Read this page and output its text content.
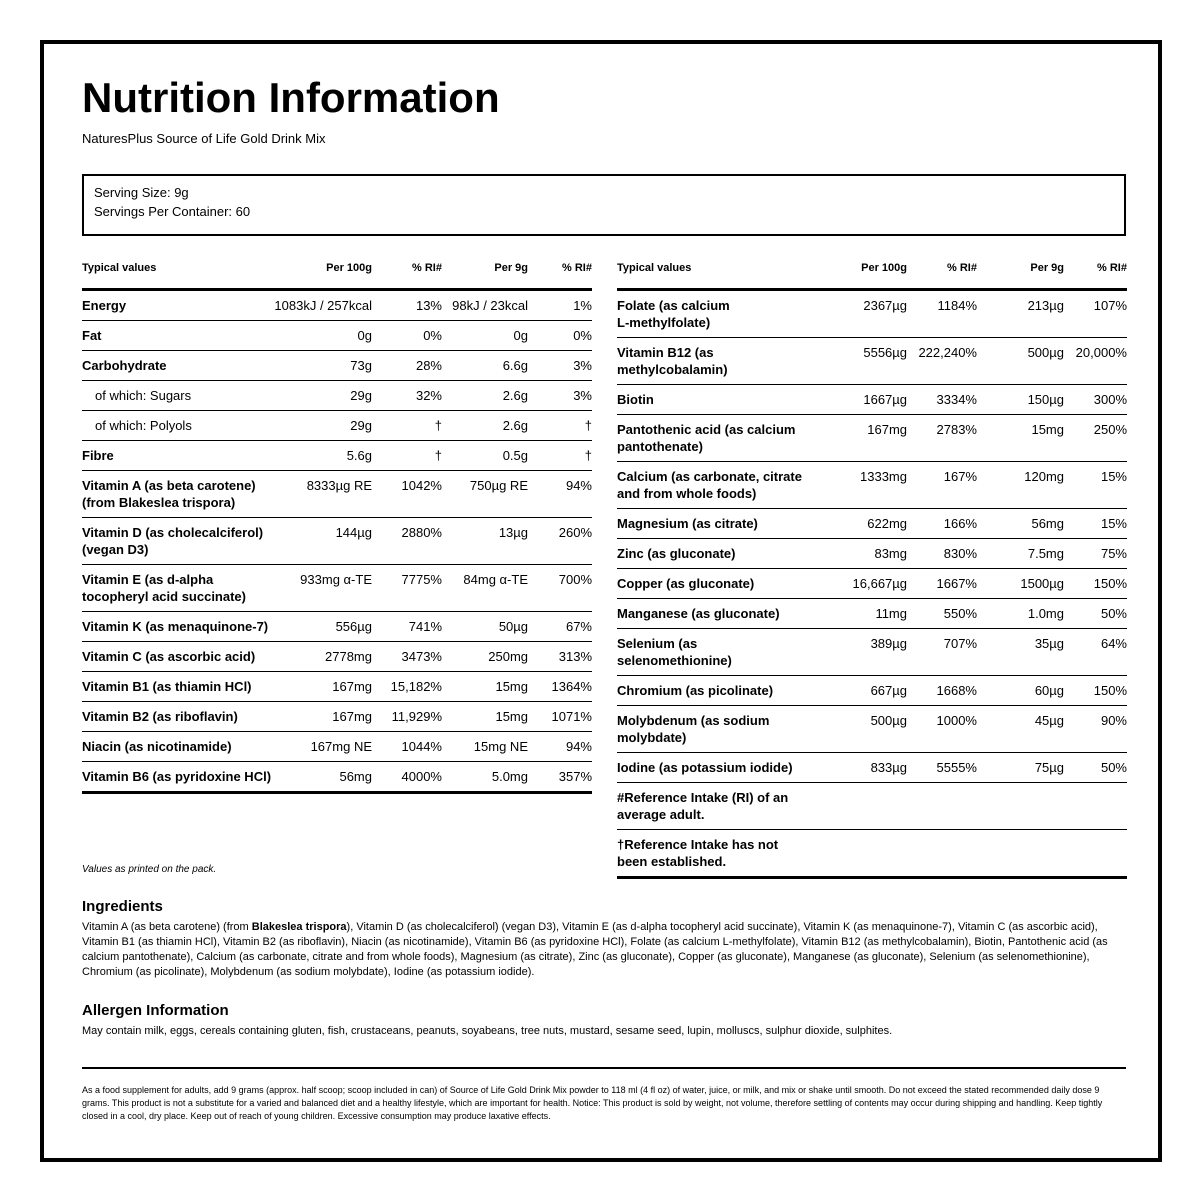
Nutrition Information
NaturesPlus Source of Life Gold Drink Mix
Serving Size: 9g
Servings Per Container: 60
Typical values	Per 100g	% RI#	Per 9g	% RI#
Energy	1083kJ / 257kcal	13%	98kJ / 23kcal	1%
Fat	0g	0%	0g	0%
Carbohydrate	73g	28%	6.6g	3%
of which: Sugars	29g	32%	2.6g	3%
of which: Polyols	29g	†	2.6g	†
Fibre	5.6g	†	0.5g	†

Vitamin A (as beta carotene)
(from Blakeslea trispora)	8333µg RE	1042%	750µg RE	94%

Vitamin D (as cholecalciferol)
(vegan D3)	144µg	2880%	13µg	260%

Vitamin E (as d-alpha
tocopheryl acid succinate)	933mg α-TE	7775%	84mg α-TE	700%
Vitamin K (as menaquinone-7)	556µg	741%	50µg	67%
Vitamin C (as ascorbic acid)	2778mg	3473%	250mg	313%
Vitamin B1 (as thiamin HCl)	167mg	15,182%	15mg	1364%
Vitamin B2 (as riboflavin)	167mg	11,929%	15mg	1071%
Niacin (as nicotinamide)	167mg NE	1044%	15mg NE	94%
Vitamin B6 (as pyridoxine HCl)	56mg	4000%	5.0mg	357%
Typical values	Per 100g	% RI#	Per 9g	% RI#

Folate (as calcium
L-methylfolate)	2367µg	1184%	213µg	107%

Vitamin B12 (as
methylcobalamin)	5556µg	222,240%	500µg	20,000%
Biotin	1667µg	3334%	150µg	300%

Pantothenic acid (as calcium
pantothenate)	167mg	2783%	15mg	250%

Calcium (as carbonate, citrate
and from whole foods)	1333mg	167%	120mg	15%
Magnesium (as citrate)	622mg	166%	56mg	15%
Zinc (as gluconate)	83mg	830%	7.5mg	75%
Copper (as gluconate)	16,667µg	1667%	1500µg	150%
Manganese (as gluconate)	11mg	550%	1.0mg	50%

Selenium (as
selenomethionine)	389µg	707%	35µg	64%
Chromium (as picolinate)	667µg	1668%	60µg	150%

Molybdenum (as sodium
molybdate)	500µg	1000%	45µg	90%
Iodine (as potassium iodide)	833µg	5555%	75µg	50%

#Reference Intake (RI) of an
average adult.				

†Reference Intake has not
been established.				

Values as printed on the pack.
Ingredients
Vitamin A (as beta carotene) (from Blakeslea trispora), Vitamin D (as cholecalciferol) (vegan D3), Vitamin E (as d-alpha tocopheryl acid succinate), Vitamin K (as menaquinone-7), Vitamin C (as ascorbic acid), Vitamin B1 (as thiamin HCl), Vitamin B2 (as riboflavin), Niacin (as nicotinamide), Vitamin B6 (as pyridoxine HCl), Folate (as calcium L-methylfolate), Vitamin B12 (as methylcobalamin), Biotin, Pantothenic acid (as calcium pantothenate), Calcium (as carbonate, citrate and from whole foods), Magnesium (as citrate), Zinc (as gluconate), Copper (as gluconate), Manganese (as gluconate), Selenium (as selenomethionine), Chromium (as picolinate), Molybdenum (as sodium molybdate), Iodine (as potassium iodide).
Allergen Information
May contain milk, eggs, cereals containing gluten, fish, crustaceans, peanuts, soyabeans, tree nuts, mustard, sesame seed, lupin, molluscs, sulphur dioxide, sulphites.
As a food supplement for adults, add 9 grams (approx. half scoop; scoop included in can) of Source of Life Gold Drink Mix powder to 118 ml (4 fl oz) of water, juice, or milk, and mix or shake until smooth. Do not exceed the stated recommended daily dose 9 grams. This product is not a substitute for a varied and balanced diet and a healthy lifestyle, which are important for health. Notice: This product is sold by weight, not volume, therefore settling of contents may occur during shipping and handling. Keep tightly closed in a cool, dry place. Keep out of reach of young children. Excessive consumption may produce laxative effects.
